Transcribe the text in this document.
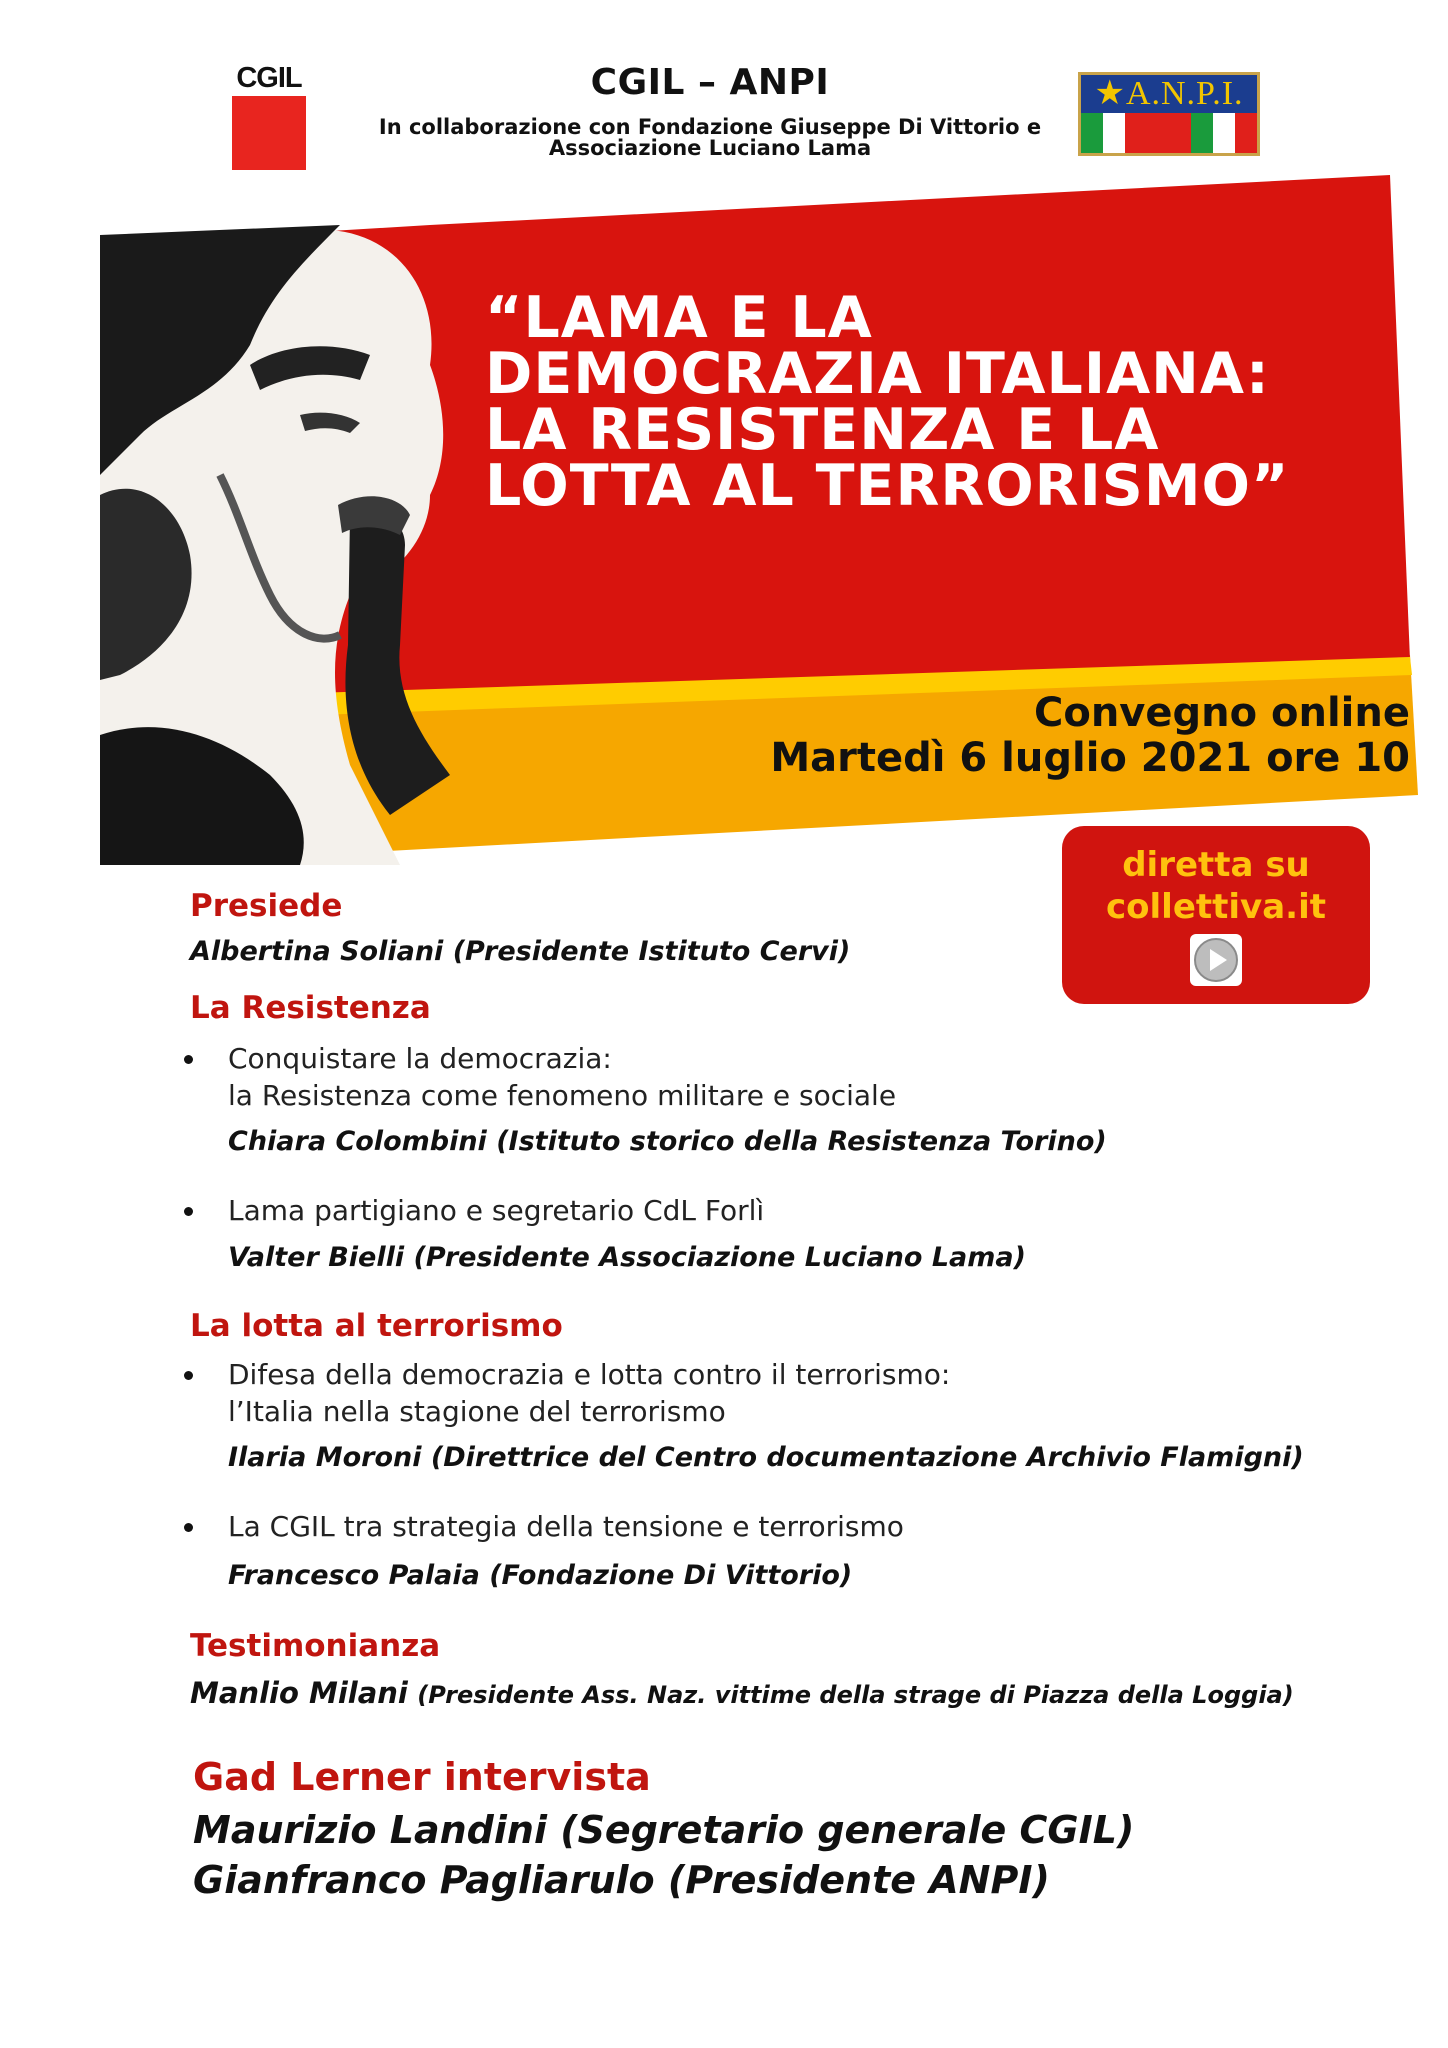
CGIL	CGIL – ANPI
In collaborazione con Fondazione Giuseppe Di Vittorio e
Associazione Luciano Lama
★A.N.P.I.
“LAMA E LA
DEMOCRAZIA ITALIANA:
LA RESISTENZA E LA
LOTTA AL TERRORISMO”
Convegno online
Martedì 6 luglio 2021 ore 10
diretta su
collettiva.it
Presiede
Albertina Soliani (Presidente Istituto Cervi)
La Resistenza
Conquistare la democrazia:
la Resistenza come fenomeno militare e sociale
Chiara Colombini (Istituto storico della Resistenza Torino)
Lama partigiano e segretario CdL Forlì
Valter Bielli (Presidente Associazione Luciano Lama)
La lotta al terrorismo
Difesa della democrazia e lotta contro il terrorismo:
l’Italia nella stagione del terrorismo
Ilaria Moroni (Direttrice del Centro documentazione Archivio Flamigni)
La CGIL tra strategia della tensione e terrorismo
Francesco Palaia (Fondazione Di Vittorio)
Testimonianza
Manlio Milani (Presidente Ass. Naz. vittime della strage di Piazza della Loggia)
Gad Lerner intervista
Maurizio Landini (Segretario generale CGIL)
Gianfranco Pagliarulo (Presidente ANPI)
